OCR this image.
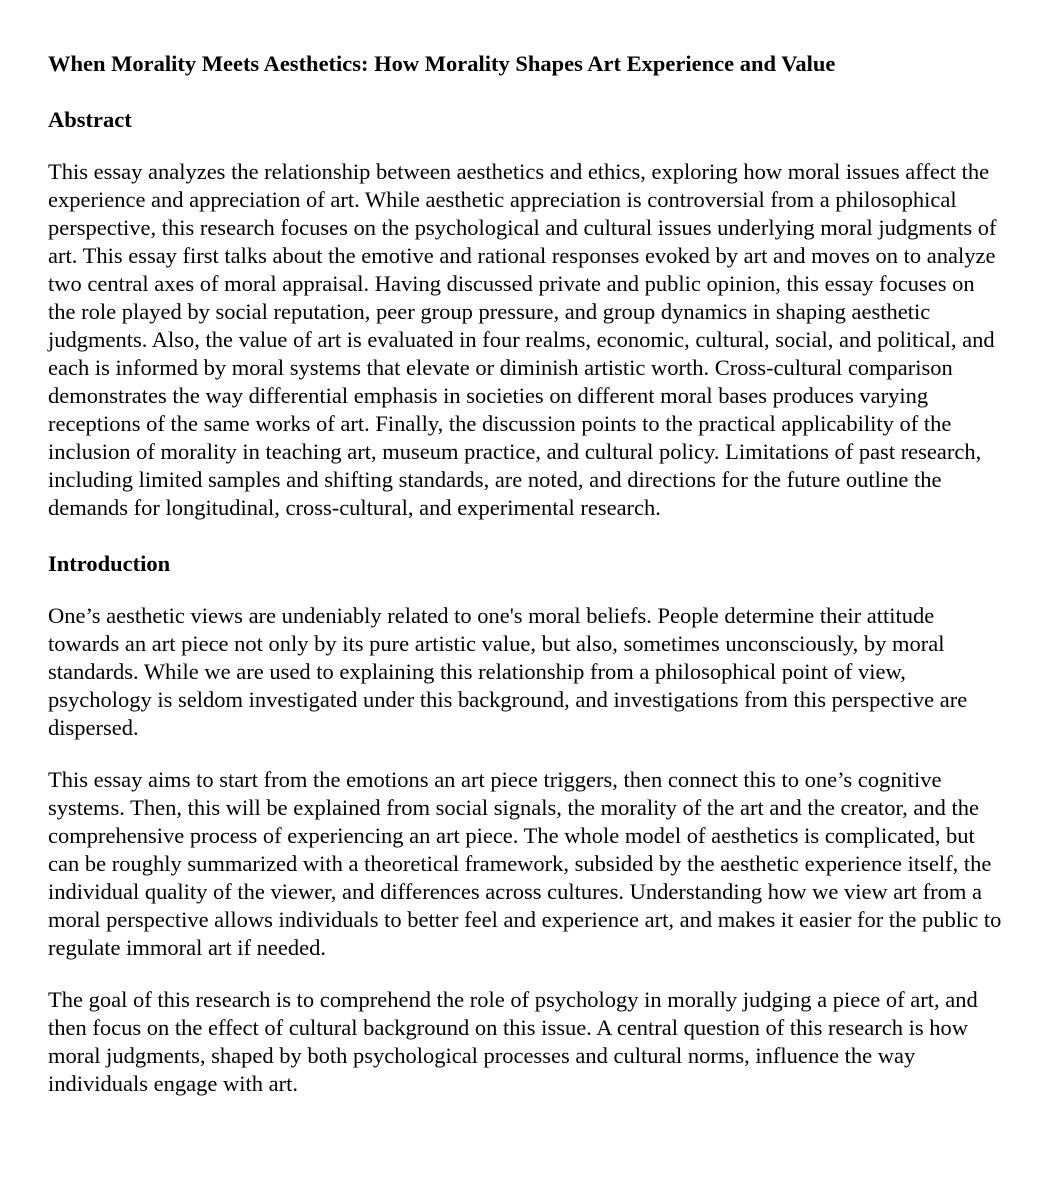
When Morality Meets Aesthetics: How Morality Shapes Art Experience and Value
Abstract

This essay analyzes the relationship between aesthetics and ethics, exploring how moral issues affect the experience and appreciation of art. While aesthetic appreciation is controversial from a philosophical perspective, this research focuses on the psychological and cultural issues underlying moral judgments of art. This essay first talks about the emotive and rational responses evoked by art and moves on to analyze two central axes of moral appraisal. Having discussed private and public opinion, this essay focuses on the role played by social reputation, peer group pressure, and group dynamics in shaping aesthetic judgments. Also, the value of art is evaluated in four realms, economic, cultural, social, and political, and each is informed by moral systems that elevate or diminish artistic worth. Cross-cultural comparison demonstrates the way differential emphasis in societies on different moral bases produces varying receptions of the same works of art. Finally, the discussion points to the practical applicability of the inclusion of morality in teaching art, museum practice, and cultural policy. Limitations of past research, including limited samples and shifting standards, are noted, and directions for the future outline the demands for longitudinal, cross-cultural, and experimental research.

Introduction

One’s aesthetic views are undeniably related to one's moral beliefs. People determine their attitude towards an art piece not only by its pure artistic value, but also, sometimes unconsciously, by moral standards. While we are used to explaining this relationship from a philosophical point of view, psychology is seldom investigated under this background, and investigations from this perspective are dispersed.

This essay aims to start from the emotions an art piece triggers, then connect this to one’s cognitive systems. Then, this will be explained from social signals, the morality of the art and the creator, and the comprehensive process of experiencing an art piece. The whole model of aesthetics is complicated, but can be roughly summarized with a theoretical framework, subsided by the aesthetic experience itself, the individual quality of the viewer, and differences across cultures. Understanding how we view art from a moral perspective allows individuals to better feel and experience art, and makes it easier for the public to regulate immoral art if needed.

The goal of this research is to comprehend the role of psychology in morally judging a piece of art, and then focus on the effect of cultural background on this issue. A central question of this research is how moral judgments, shaped by both psychological processes and cultural norms, influence the way individuals engage with art.
